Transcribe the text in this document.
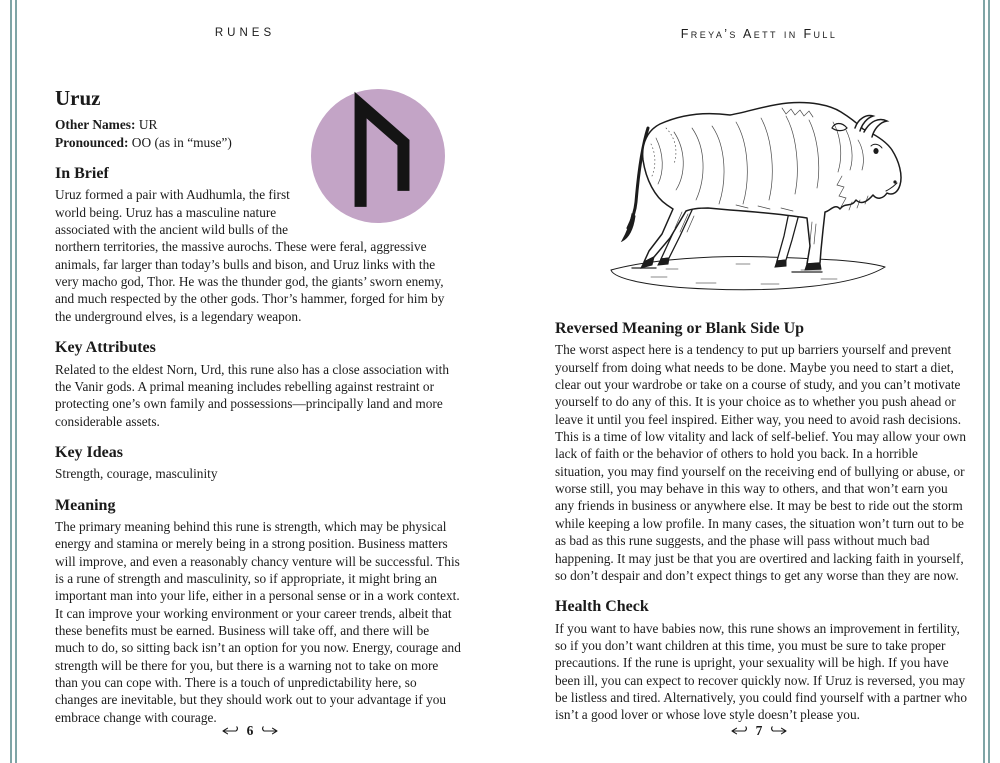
RUNES	Freya’s Aett in Full
Uruz
Other Names: UR
Pronounced: OO (as in “muse”)
In Brief

Uruz formed a pair with Audhumla, the first world being. Uruz has a masculine nature associated with the ancient wild bulls of the northern territories, the massive aurochs. These were feral, aggressive animals, far larger than today’s bulls and bison, and Uruz links with the very macho god, Thor. He was the thunder god, the giants’ sworn enemy, and much respected by the other gods. Thor’s hammer, forged for him by the underground elves, is a legendary weapon.

Key Attributes

Related to the eldest Norn, Urd, this rune also has a close association with the Vanir gods. A primal meaning includes rebelling against restraint or protecting one’s own family and possessions—principally land and more considerable assets.

Key Ideas

Strength, courage, masculinity

Meaning

The primary meaning behind this rune is strength, which may be physical energy and stamina or merely being in a strong position. Business matters will improve, and even a reasonably chancy venture will be successful. This is a rune of strength and masculinity, so if appropriate, it might bring an important man into your life, either in a personal sense or in a work context. It can improve your working environment or your career trends, albeit that these benefits must be earned. Business will take off, and there will be much to do, so sitting back isn’t an option for you now. Energy, courage and strength will be there for you, but there is a warning not to take on more than you can cope with. There is a touch of unpredictability here, so changes are inevitable, but they should work out to your advantage if you embrace change with courage.

Reversed Meaning or Blank Side Up

The worst aspect here is a tendency to put up barriers yourself and prevent yourself from doing what needs to be done. Maybe you need to start a diet, clear out your wardrobe or take on a course of study, and you can’t motivate yourself to do any of this. It is your choice as to whether you push ahead or leave it until you feel inspired. Either way, you need to avoid rash decisions. This is a time of low vitality and lack of self-belief. You may allow your own lack of faith or the behavior of others to hold you back. In a horrible situation, you may find yourself on the receiving end of bullying or abuse, or worse still, you may behave in this way to others, and that won’t earn you any friends in business or anywhere else. It may be best to ride out the storm while keeping a low profile. In many cases, the situation won’t turn out to be as bad as this rune suggests, and the phase will pass without much bad happening. It may just be that you are overtired and lacking faith in yourself, so don’t despair and don’t expect things to get any worse than they are now.

Health Check

If you want to have babies now, this rune shows an improvement in fertility, so if you don’t want children at this time, you must be sure to take proper precautions. If the rune is upright, your sexuality will be high. If you have been ill, you can expect to recover quickly now. If Uruz is reversed, you may be listless and tired. Alternatively, you could find yourself with a partner who isn’t a good lover or whose love style doesn’t please you.

6	7
